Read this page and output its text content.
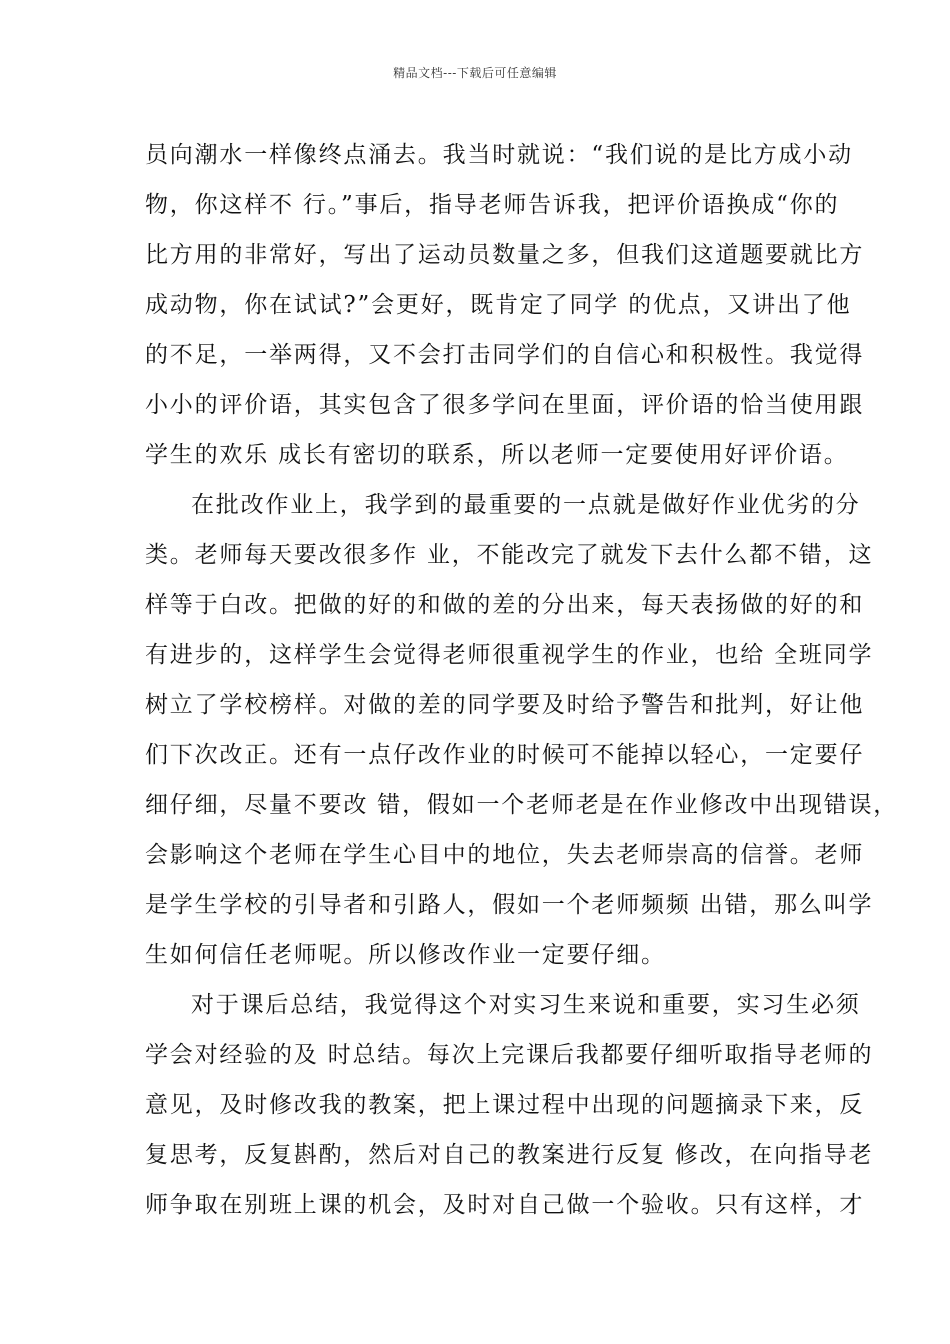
精品文档---下载后可任意编辑
员向潮水一样像终点涌去。我当时就说：“我们说的是比方成小动
物，你这样不 行。”事后，指导老师告诉我，把评价语换成“你的
比方用的非常好，写出了运动员数量之多，但我们这道题要就比方
成动物，你在试试?”会更好，既肯定了同学 的优点，又讲出了他
的不足，一举两得，又不会打击同学们的自信心和积极性。我觉得
小小的评价语，其实包含了很多学问在里面，评价语的恰当使用跟
学生的欢乐 成长有密切的联系，所以老师一定要使用好评价语。
在批改作业上，我学到的最重要的一点就是做好作业优劣的分
类。老师每天要改很多作 业，不能改完了就发下去什么都不错，这
样等于白改。把做的好的和做的差的分出来，每天表扬做的好的和
有进步的，这样学生会觉得老师很重视学生的作业，也给 全班同学
树立了学校榜样。对做的差的同学要及时给予警告和批判，好让他
们下次改正。还有一点仔改作业的时候可不能掉以轻心，一定要仔
细仔细，尽量不要改 错，假如一个老师老是在作业修改中出现错误，
会影响这个老师在学生心目中的地位，失去老师崇高的信誉。老师
是学生学校的引导者和引路人，假如一个老师频频 出错，那么叫学
生如何信任老师呢。所以修改作业一定要仔细。
对于课后总结，我觉得这个对实习生来说和重要，实习生必须
学会对经验的及 时总结。每次上完课后我都要仔细听取指导老师的
意见，及时修改我的教案，把上课过程中出现的问题摘录下来，反
复思考，反复斟酌，然后对自己的教案进行反复 修改，在向指导老
师争取在别班上课的机会，及时对自己做一个验收。只有这样，才
